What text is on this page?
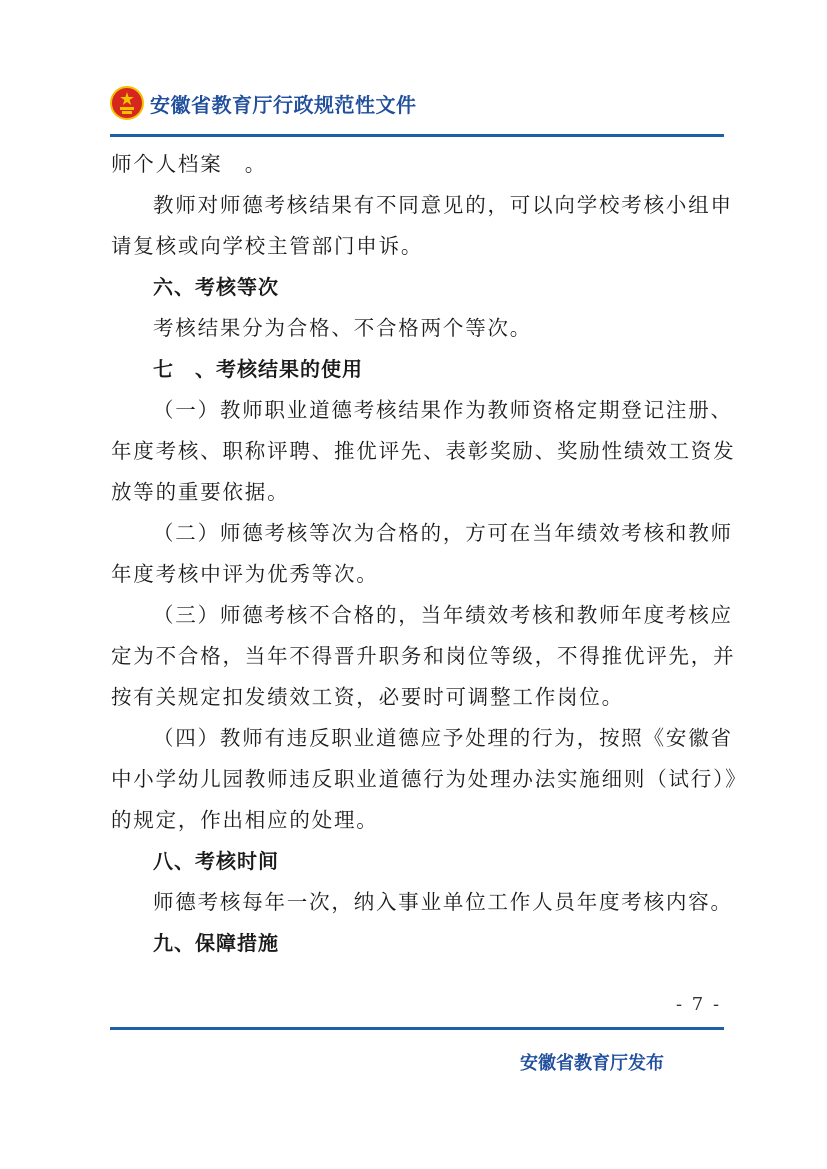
安徽省教育厅行政规范性文件

师个人档案　。

教师对师德考核结果有不同意见的，可以向学校考核小组申

请复核或向学校主管部门申诉。

六、考核等次

考核结果分为合格、不合格两个等次。

七　、考核结果的使用

（一）教师职业道德考核结果作为教师资格定期登记注册、

年度考核、职称评聘、推优评先、表彰奖励、奖励性绩效工资发

放等的重要依据。

（二）师德考核等次为合格的，方可在当年绩效考核和教师

年度考核中评为优秀等次。

（三）师德考核不合格的，当年绩效考核和教师年度考核应

定为不合格，当年不得晋升职务和岗位等级，不得推优评先，并

按有关规定扣发绩效工资，必要时可调整工作岗位。

（四）教师有违反职业道德应予处理的行为，按照《安徽省

中小学幼儿园教师违反职业道德行为处理办法实施细则（试行）》

的规定，作出相应的处理。

八、考核时间

师德考核每年一次，纳入事业单位工作人员年度考核内容。

九、保障措施

- 7 -
安徽省教育厅发布
